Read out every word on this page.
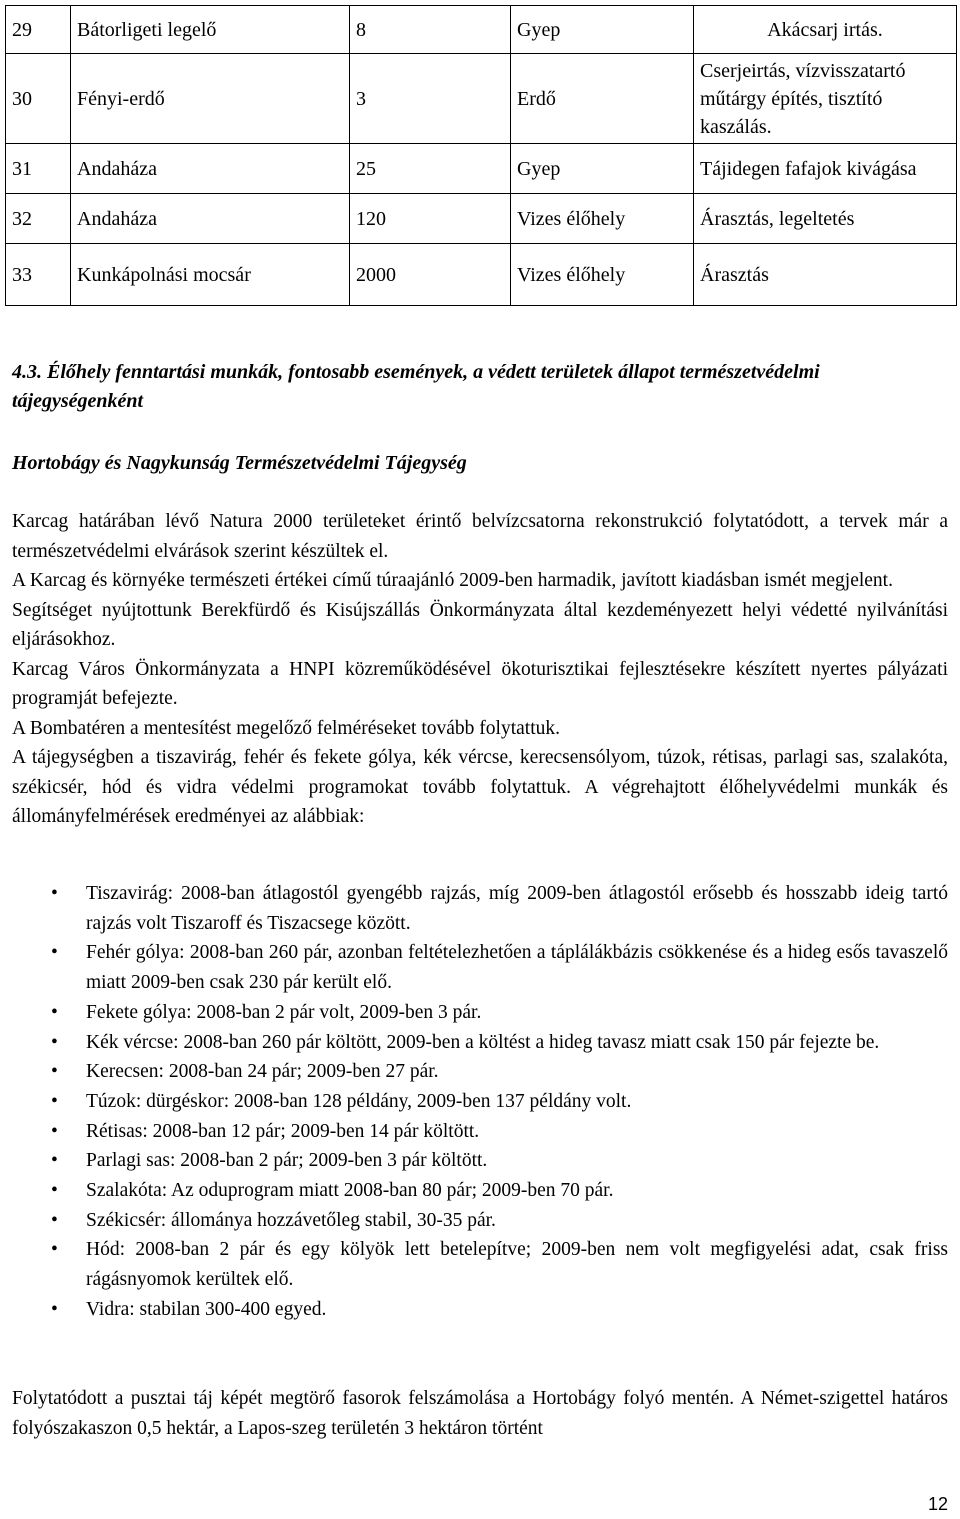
29	Bátorligeti legelő	8	Gyep	Akácsarj irtás.
30	Fényi-erdő	3	Erdő	Cserjeirtás, vízvisszatartó műtárgy építés, tisztító kaszálás.
31	Andaháza	25	Gyep	Tájidegen fafajok kivágása
32	Andaháza	120	Vizes élőhely	Árasztás, legeltetés
33	Kunkápolnási mocsár	2000	Vizes élőhely	Árasztás
4.3. Élőhely fenntartási munkák, fontosabb események, a védett területek állapot természetvédelmi tájegységenként
Hortobágy és Nagykunság Természetvédelmi Tájegység

Karcag határában lévő Natura 2000 területeket érintő belvízcsatorna rekonstrukció folytatódott, a tervek már a természetvédelmi elvárások szerint készültek el.

A Karcag és környéke természeti értékei című túraajánló 2009-ben harmadik, javított kiadásban ismét megjelent.

Segítséget nyújtottunk Berekfürdő és Kisújszállás Önkormányzata által kezdeményezett helyi védetté nyilvánítási eljárásokhoz.

Karcag Város Önkormányzata a HNPI közreműködésével ökoturisztikai fejlesztésekre készített nyertes pályázati programját befejezte.

A Bombatéren a mentesítést megelőző felméréseket tovább folytattuk.

A tájegységben a tiszavirág, fehér és fekete gólya, kék vércse, kerecsensólyom, túzok, rétisas, parlagi sas, szalakóta, székicsér, hód és vidra védelmi programokat tovább folytattuk. A végrehajtott élőhelyvédelmi munkák és állományfelmérések eredményei az alábbiak:

• Tiszavirág: 2008-ban átlagostól gyengébb rajzás, míg 2009-ben átlagostól erősebb és hosszabb ideig tartó rajzás volt Tiszaroff és Tiszacsege között.
• Fehér gólya: 2008-ban 260 pár, azonban feltételezhetően a táplálákbázis csökkenése és a hideg esős tavaszelő miatt 2009-ben csak 230 pár került elő.
• Fekete gólya: 2008-ban 2 pár volt, 2009-ben 3 pár.
• Kék vércse: 2008-ban 260 pár költött, 2009-ben a költést a hideg tavasz miatt csak 150 pár fejezte be.
• Kerecsen: 2008-ban 24 pár; 2009-ben 27 pár.
• Túzok: dürgéskor: 2008-ban 128 példány, 2009-ben 137 példány volt.
• Rétisas: 2008-ban 12 pár; 2009-ben 14 pár költött.
• Parlagi sas: 2008-ban 2 pár; 2009-ben 3 pár költött.
• Szalakóta: Az oduprogram miatt 2008-ban 80 pár; 2009-ben 70 pár.
• Székicsér: állománya hozzávetőleg stabil, 30-35 pár.
• Hód: 2008-ban 2 pár és egy kölyök lett betelepítve; 2009-ben nem volt megfigyelési adat, csak friss rágásnyomok kerültek elő.
• Vidra: stabilan 300-400 egyed.
Folytatódott a pusztai táj képét megtörő fasorok felszámolása a Hortobágy folyó mentén. A Német-szigettel határos folyószakaszon 0,5 hektár, a Lapos-szeg területén 3 hektáron történt
12
